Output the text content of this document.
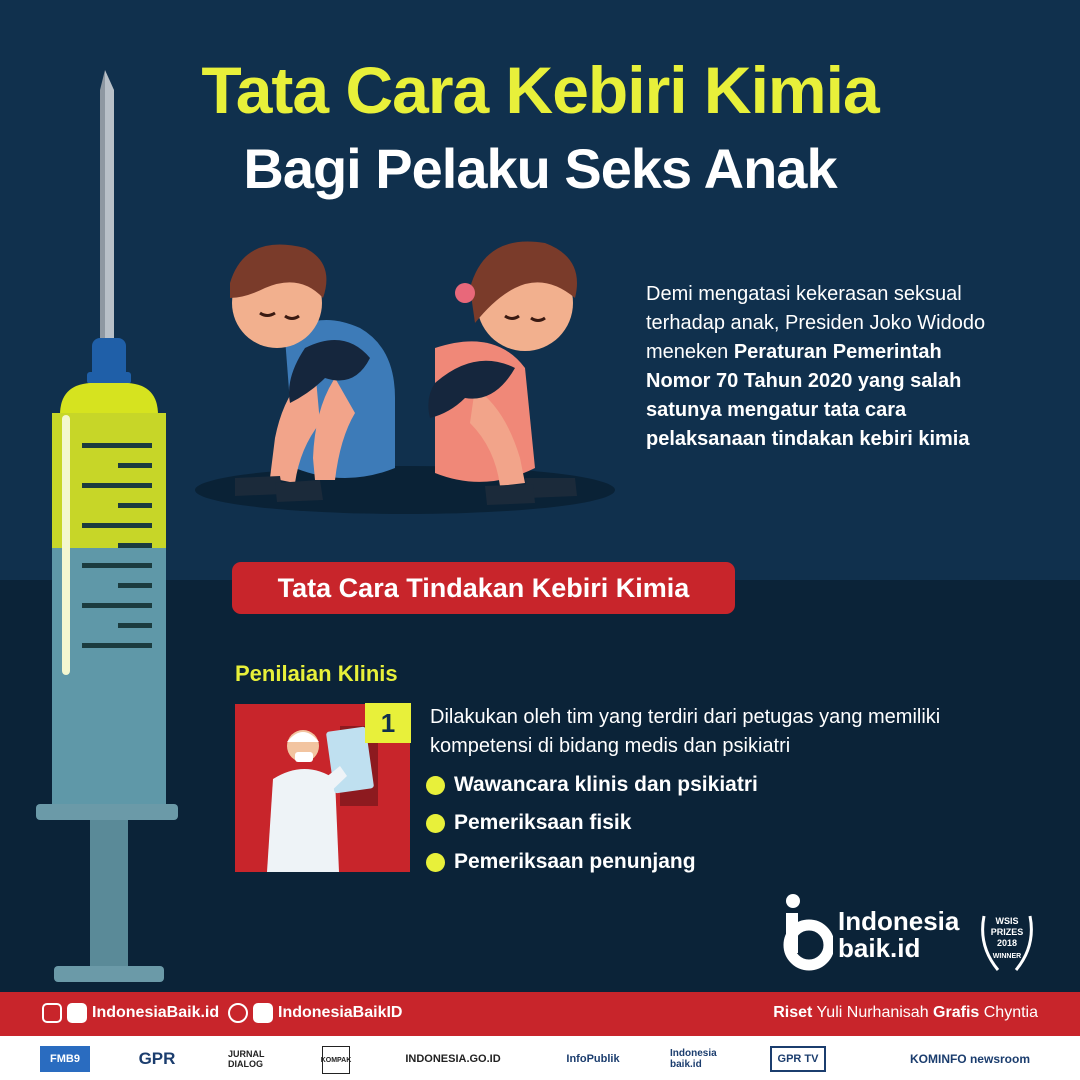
Tata Cara Kebiri Kimia
Bagi Pelaku Seks Anak
Demi mengatasi kekerasan seksual terhadap anak, Presiden Joko Widodo meneken Peraturan Pemerintah Nomor 70 Tahun 2020 yang salah satunya mengatur tata cara pelaksanaan tindakan kebiri kimia
Tata Cara Tindakan Kebiri Kimia
Penilaian Klinis
1	Dilakukan oleh tim yang terdiri dari petugas yang memiliki kompetensi di bidang medis dan psikiatri
Wawancara klinis dan psikiatri
Pemeriksaan fisik
Pemeriksaan penunjang
Indonesia
baik.id
WSIS
PRIZES
2018
WINNER
IndonesiaBaik.id	IndonesiaBaikID	Riset Yuli Nurhanisah Grafis Chyntia
FMB9	GPR	JURNAL DIALOG	KOMPAK	INDONESIA.GO.ID	InfoPublik	Indonesia baik.id	GPR TV	KOMINFO newsroom
